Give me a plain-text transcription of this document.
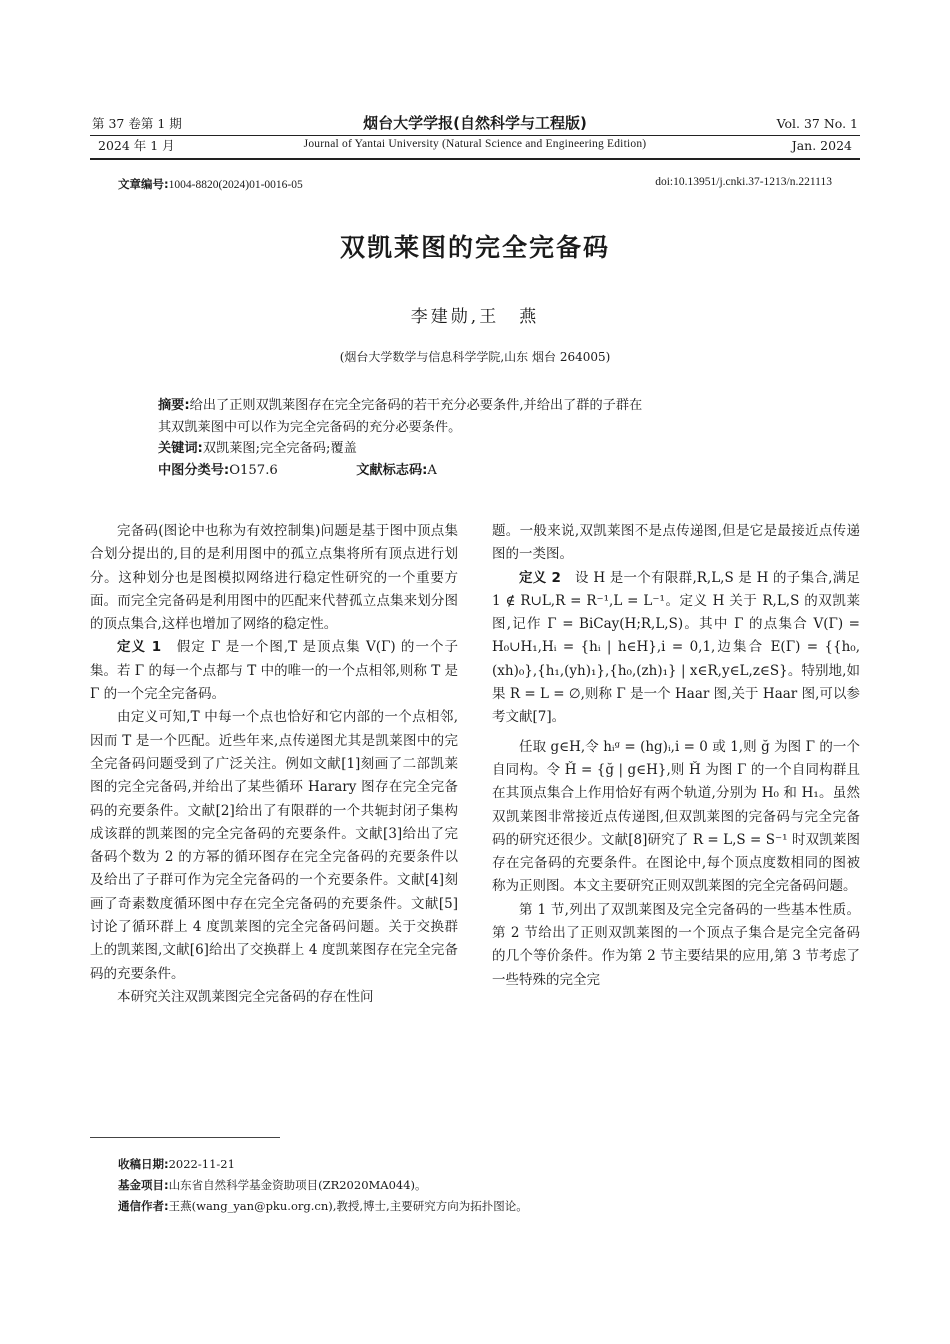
第 37 卷第 1 期
2024 年 1 月
烟台大学学报(自然科学与工程版)
Journal of Yantai University (Natural Science and Engineering Edition)
Vol. 37 No. 1
Jan. 2024
文章编号:1004-8820(2024)01-0016-05	doi:10.13951/j.cnki.37-1213/n.221113
双凯莱图的完全完备码
李建勋,王　燕
(烟台大学数学与信息科学学院,山东 烟台 264005)
摘要:给出了正则双凯莱图存在完全完备码的若干充分必要条件,并给出了群的子群在
其双凯莱图中可以作为完全完备码的充分必要条件。
关键词:双凯莱图;完全完备码;覆盖
中图分类号:O157.6	文献标志码:A

完备码(图论中也称为有效控制集)问题是基于图中顶点集合划分提出的,目的是利用图中的孤立点集将所有顶点进行划分。这种划分也是图模拟网络进行稳定性研究的一个重要方面。而完全完备码是利用图中的匹配来代替孤立点集来划分图的顶点集合,这样也增加了网络的稳定性。

定义 1　假定 Γ 是一个图,T 是顶点集 V(Γ) 的一个子集。若 Γ 的每一个点都与 T 中的唯一的一个点相邻,则称 T 是 Γ 的一个完全完备码。

由定义可知,T 中每一个点也恰好和它内部的一个点相邻,因而 T 是一个匹配。近些年来,点传递图尤其是凯莱图中的完全完备码问题受到了广泛关注。例如文献[1]刻画了二部凯莱图的完全完备码,并给出了某些循环 Harary 图存在完全完备码的充要条件。文献[2]给出了有限群的一个共轭封闭子集构成该群的凯莱图的完全完备码的充要条件。文献[3]给出了完备码个数为 2 的方幂的循环图存在完全完备码的充要条件以及给出了子群可作为完全完备码的一个充要条件。文献[4]刻画了奇素数度循环图中存在完全完备码的充要条件。文献[5]讨论了循环群上 4 度凯莱图的完全完备码问题。关于交换群上的凯莱图,文献[6]给出了交换群上 4 度凯莱图存在完全完备码的充要条件。

本研究关注双凯莱图完全完备码的存在性问

题。一般来说,双凯莱图不是点传递图,但是它是最接近点传递图的一类图。

定义 2　设 H 是一个有限群,R,L,S 是 H 的子集合,满足 1 ∉ R∪L,R = R⁻¹,L = L⁻¹。定义 H 关于 R,L,S 的双凯莱图,记作 Γ = BiCay(H;R,L,S)。其中 Γ 的点集合 V(Γ) = H₀∪H₁,Hᵢ = {hᵢ | h∈H},i = 0,1,边集合 E(Γ) = {{h₀,(xh)₀},{h₁,(yh)₁},{h₀,(zh)₁} | x∈R,y∈L,z∈S}。特别地,如果 R = L = ∅,则称 Γ 是一个 Haar 图,关于 Haar 图,可以参考文献[7]。

任取 g∈H,令 hᵢᵍ = (hg)ᵢ,i = 0 或 1,则 ğ 为图 Γ 的一个自同构。令 Ȟ = {ğ | g∈H},则 Ȟ 为图 Γ 的一个自同构群且在其顶点集合上作用恰好有两个轨道,分别为 H₀ 和 H₁。虽然双凯莱图非常接近点传递图,但双凯莱图的完备码与完全完备码的研究还很少。文献[8]研究了 R = L,S = S⁻¹ 时双凯莱图存在完备码的充要条件。在图论中,每个顶点度数相同的图被称为正则图。本文主要研究正则双凯莱图的完全完备码问题。

第 1 节,列出了双凯莱图及完全完备码的一些基本性质。第 2 节给出了正则双凯莱图的一个顶点子集合是完全完备码的几个等价条件。作为第 2 节主要结果的应用,第 3 节考虑了一些特殊的完全完

收稿日期:2022-11-21
基金项目:山东省自然科学基金资助项目(ZR2020MA044)。
通信作者:王燕(wang_yan@pku.org.cn),教授,博士,主要研究方向为拓扑图论。
